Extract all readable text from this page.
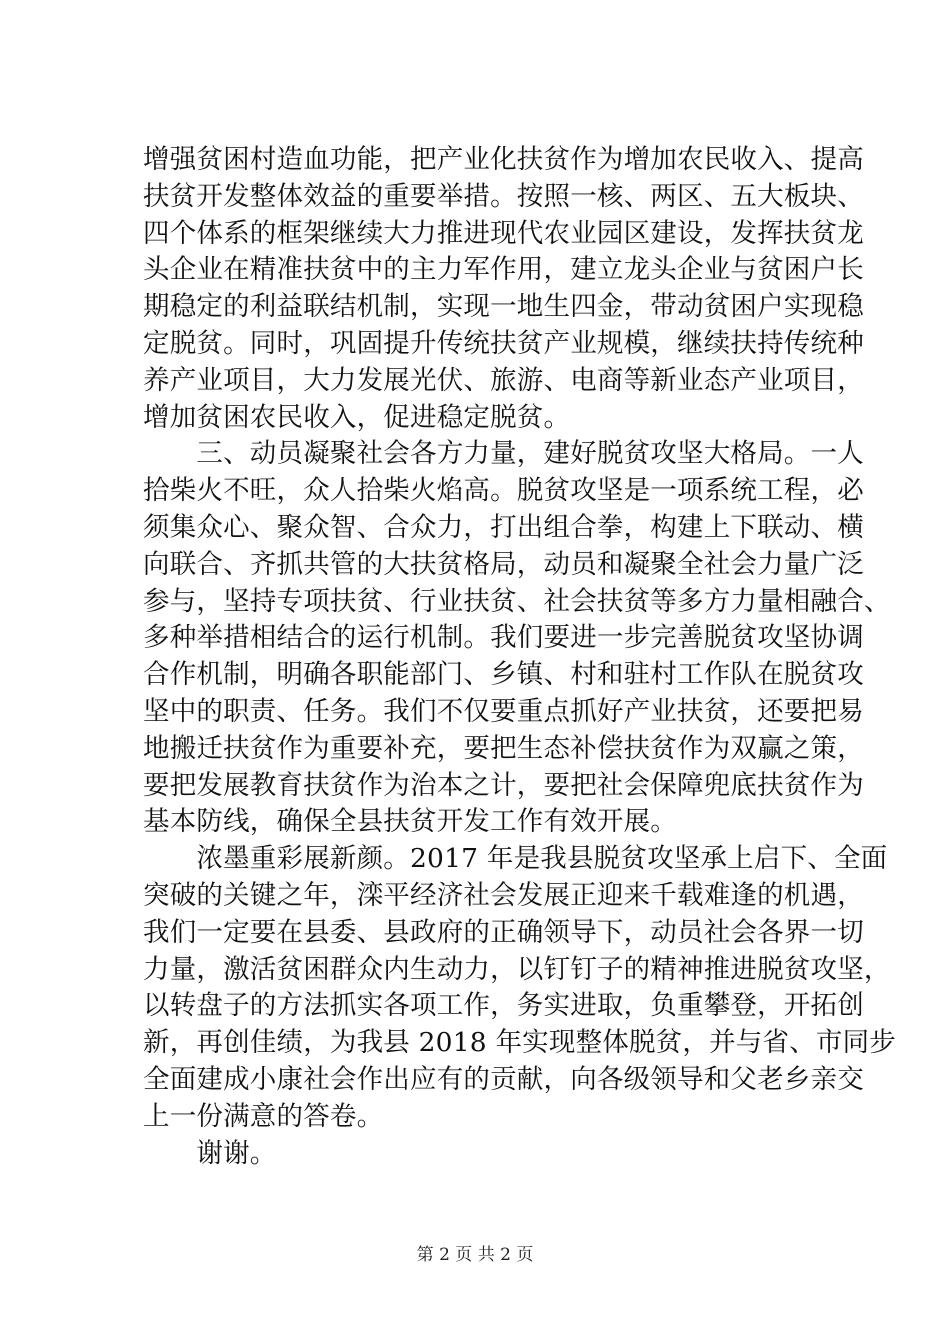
增强贫困村造血功能，把产业化扶贫作为增加农民收入、提高
扶贫开发整体效益的重要举措。按照一核、两区、五大板块、
四个体系的框架继续大力推进现代农业园区建设，发挥扶贫龙
头企业在精准扶贫中的主力军作用，建立龙头企业与贫困户长
期稳定的利益联结机制，实现一地生四金，带动贫困户实现稳
定脱贫。同时，巩固提升传统扶贫产业规模，继续扶持传统种
养产业项目，大力发展光伏、旅游、电商等新业态产业项目，
增加贫困农民收入，促进稳定脱贫。
　　三、动员凝聚社会各方力量，建好脱贫攻坚大格局。一人
拾柴火不旺，众人拾柴火焰高。脱贫攻坚是一项系统工程，必
须集众心、聚众智、合众力，打出组合拳，构建上下联动、横
向联合、齐抓共管的大扶贫格局，动员和凝聚全社会力量广泛
参与，坚持专项扶贫、行业扶贫、社会扶贫等多方力量相融合、
多种举措相结合的运行机制。我们要进一步完善脱贫攻坚协调
合作机制，明确各职能部门、乡镇、村和驻村工作队在脱贫攻
坚中的职责、任务。我们不仅要重点抓好产业扶贫，还要把易
地搬迁扶贫作为重要补充，要把生态补偿扶贫作为双赢之策，
要把发展教育扶贫作为治本之计，要把社会保障兜底扶贫作为
基本防线，确保全县扶贫开发工作有效开展。
　　浓墨重彩展新颜。2017 年是我县脱贫攻坚承上启下、全面
突破的关键之年，滦平经济社会发展正迎来千载难逢的机遇，
我们一定要在县委、县政府的正确领导下，动员社会各界一切
力量，激活贫困群众内生动力，以钉钉子的精神推进脱贫攻坚，
以转盘子的方法抓实各项工作，务实进取，负重攀登，开拓创
新，再创佳绩，为我县 2018 年实现整体脱贫，并与省、市同步
全面建成小康社会作出应有的贡献，向各级领导和父老乡亲交
上一份满意的答卷。
　　谢谢。
第 2 页 共 2 页
